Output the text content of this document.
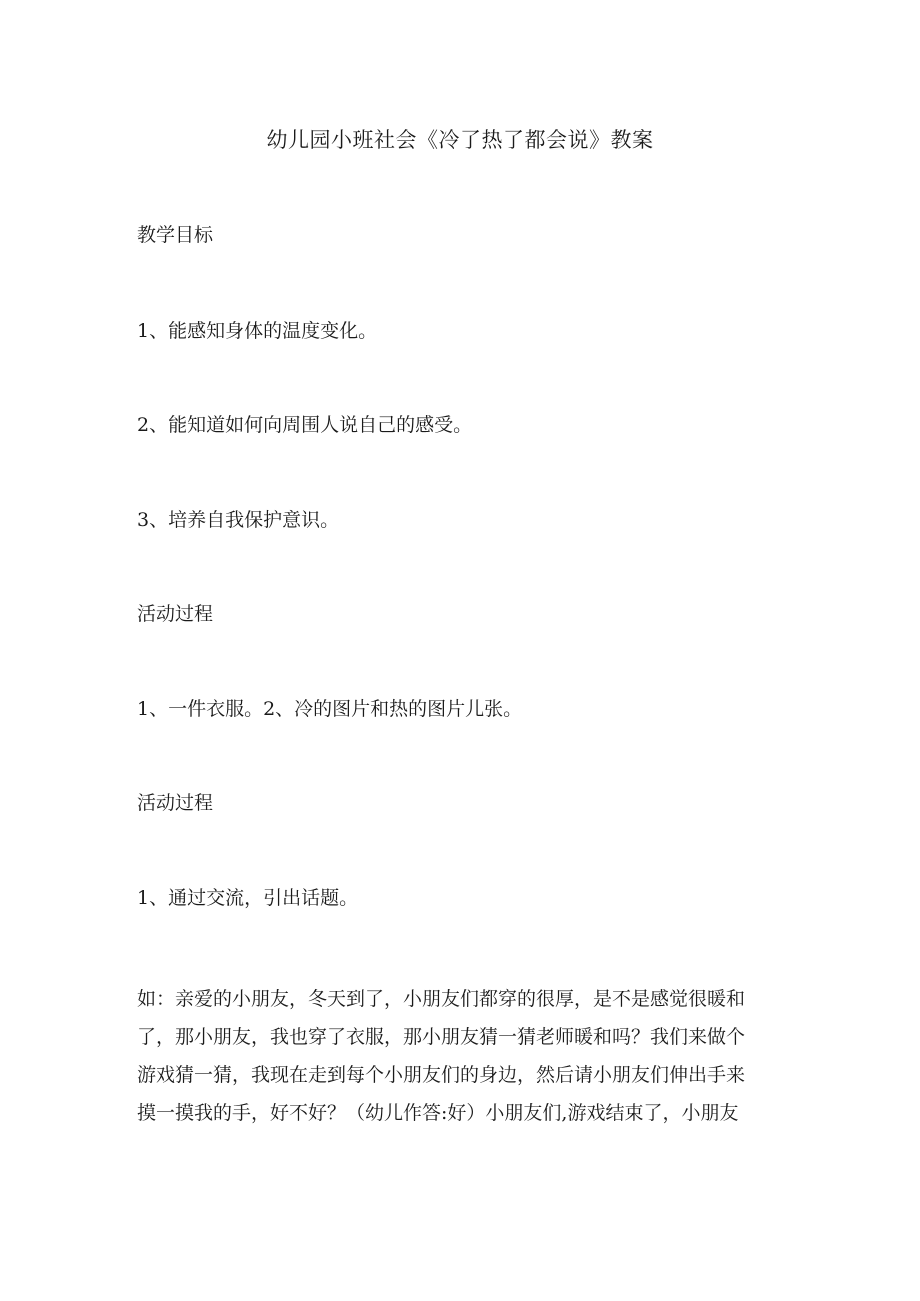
幼儿园小班社会《冷了热了都会说》教案
教学目标
1、能感知身体的温度变化。
2、能知道如何向周围人说自己的感受。
3、培养自我保护意识。
活动过程
1、一件衣服。2、冷的图片和热的图片儿张。
活动过程
1、通过交流，引出话题。
如：亲爱的小朋友，冬天到了，小朋友们都穿的很厚，是不是感觉很暖和
了，那小朋友，我也穿了衣服，那小朋友猜一猜老师暖和吗？我们来做个
游戏猜一猜，我现在走到每个小朋友们的身边，然后请小朋友们伸出手来
摸一摸我的手，好不好？（幼儿作答:好）小朋友们,游戏结束了，小朋友
